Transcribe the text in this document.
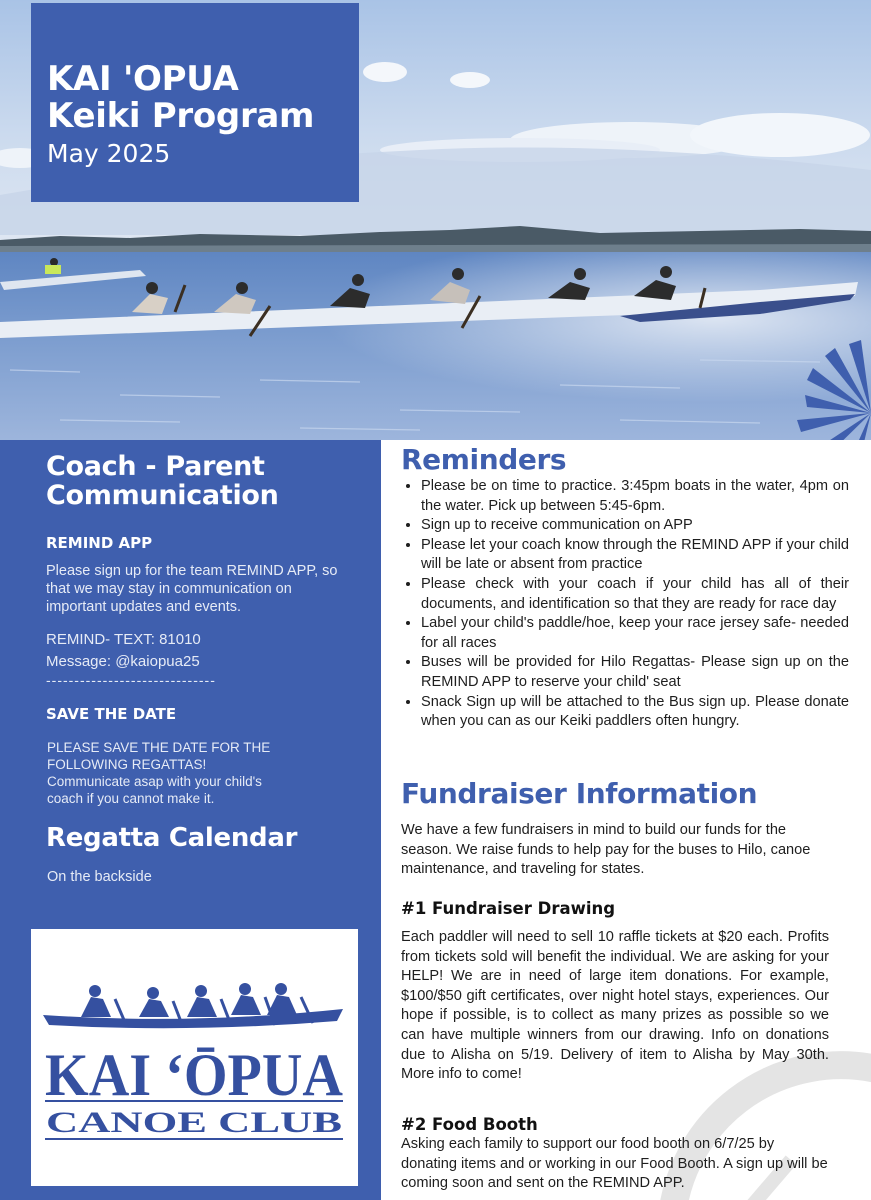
KAI 'OPUA
Keiki Program
May 2025
Coach - Parent
Communication
REMIND APP
Please sign up for the team REMIND APP, so that we may stay in communication on important updates and events.
REMIND- TEXT: 81010
Message: @kaiopua25
------------------------------
SAVE THE DATE
PLEASE SAVE THE DATE FOR THE
FOLLOWING REGATTAS!
Communicate asap with your child's
coach if you cannot make it.
Regatta Calendar
On the backside
KAI ‘ŌPUA
CANOE CLUB
Reminders
• Please be on time to practice. 3:45pm boats in the water, 4pm on the water. Pick up between 5:45-6pm.
• Sign up to receive communication on APP
• Please let your coach know through the REMIND APP if your child will be late or absent from practice
• Please check with your coach if your child has all of their documents, and identification so that they are ready for race day
• Label your child's paddle/hoe, keep your race jersey safe- needed for all races
• Buses will be provided for Hilo Regattas- Please sign up on the REMIND APP to reserve your child' seat
• Snack Sign up will be attached to the Bus sign up. Please donate when you can as our Keiki paddlers often hungry.
Fundraiser Information
We have a few fundraisers in mind to build our funds for the season. We raise funds to help pay for the buses to Hilo, canoe maintenance, and traveling for states.
#1 Fundraiser Drawing
Each paddler will need to sell 10 raffle tickets at $20 each. Profits from tickets sold will benefit the individual. We are asking for your HELP! We are in need of large item donations. For example, $100/$50 gift certificates, over night hotel stays, experiences. Our hope if possible, is to collect as many prizes as possible so we can have multiple winners from our drawing. Info on donations due to Alisha on 5/19. Delivery of item to Alisha by May 30th. More info to come!
#2 Food Booth
Asking each family to support our food booth on 6/7/25 by donating items and or working in our Food Booth. A sign up will be coming soon and sent on the REMIND APP.
